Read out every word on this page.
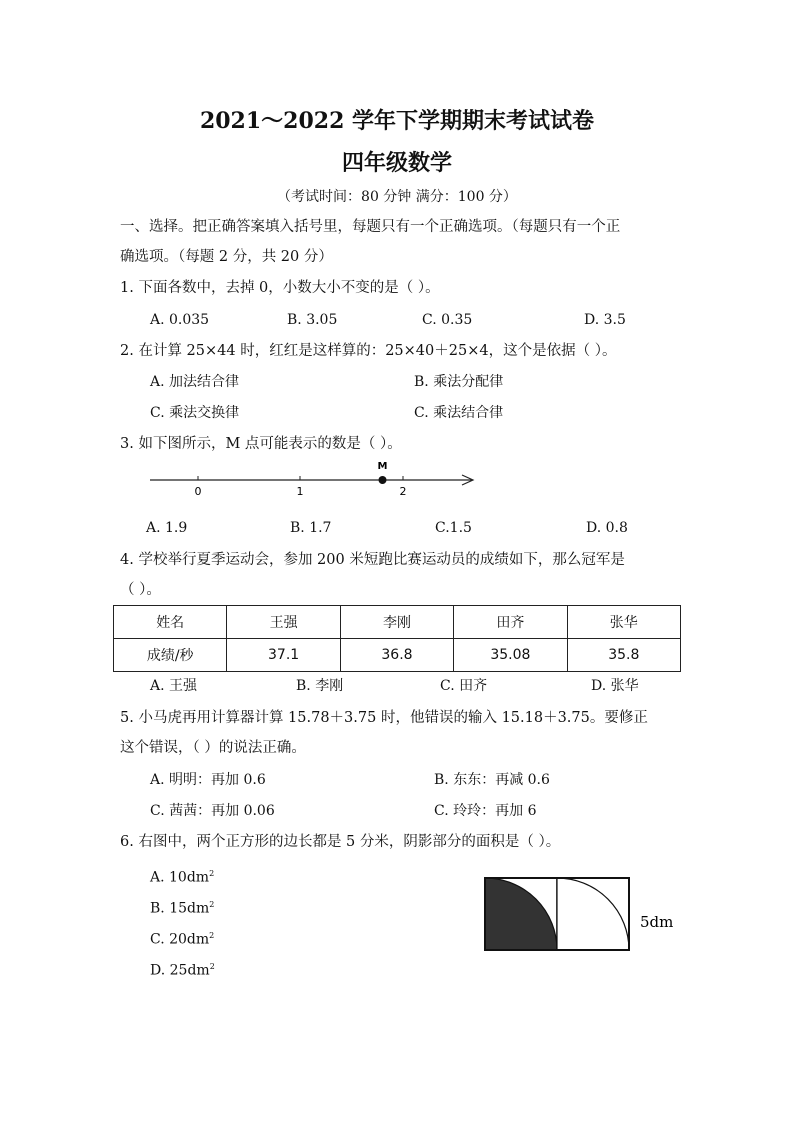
2021～2022 学年下学期期末考试试卷
四年级数学
（考试时间：80 分钟 满分：100 分）
一、选择。把正确答案填入括号里，每题只有一个正确选项。（每题只有一个正
确选项。（每题 2 分，共 20 分）
1. 下面各数中，去掉 0，小数大小不变的是（ ）。
A. 0.035	B. 3.05	C. 0.35	D. 3.5
2. 在计算 25×44 时，红红是这样算的：25×40＋25×4，这个是依据（ ）。
A. 加法结合律	B. 乘法分配律
C. 乘法交换律	C. 乘法结合律
3. 如下图所示，M 点可能表示的数是（ ）。
0	1	2
M
A. 1.9	B. 1.7	C.1.5	D. 0.8
4. 学校举行夏季运动会，参加 200 米短跑比赛运动员的成绩如下，那么冠军是
（ ）。
姓名	王强	李刚	田齐	张华
成绩/秒	37.1	36.8	35.08	35.8
A. 王强	B. 李刚	C. 田齐	D. 张华
5. 小马虎再用计算器计算 15.78＋3.75 时，他错误的输入 15.18＋3.75。要修正
这个错误，（ ）的说法正确。
A. 明明：再加 0.6	B. 东东：再减 0.6
C. 茜茜：再加 0.06	C. 玲玲：再加 6
6. 右图中，两个正方形的边长都是 5 分米，阴影部分的面积是（ ）。
A. $10dm^2$
B. $15dm^2$
C. $20dm^2$
D. $25dm^2$
5dm
